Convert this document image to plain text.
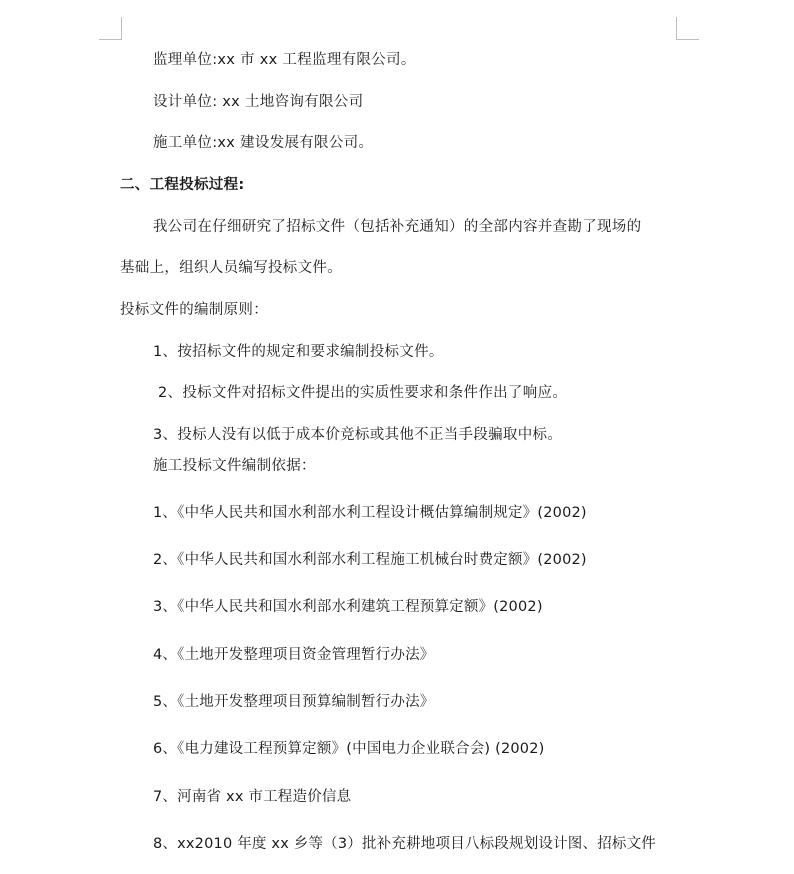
监理单位:xx 市 xx 工程监理有限公司。
设计单位: xx 土地咨询有限公司
施工单位:xx 建设发展有限公司。
二、工程投标过程:
我公司在仔细研究了招标文件（包括补充通知）的全部内容并查勘了现场的
基础上，组织人员编写投标文件。
投标文件的编制原则：
1、按招标文件的规定和要求编制投标文件。
2、投标文件对招标文件提出的实质性要求和条件作出了响应。
3、投标人没有以低于成本价竞标或其他不正当手段骗取中标。
施工投标文件编制依据：
1、《中华人民共和国水利部水利工程设计概估算编制规定》(2002)
2、《中华人民共和国水利部水利工程施工机械台时费定额》(2002)
3、《中华人民共和国水利部水利建筑工程预算定额》(2002)
4、《土地开发整理项目资金管理暂行办法》
5、《土地开发整理项目预算编制暂行办法》
6、《电力建设工程预算定额》(中国电力企业联合会) (2002)
7、河南省 xx 市工程造价信息
8、xx2010 年度 xx 乡等（3）批补充耕地项目八标段规划设计图、招标文件
